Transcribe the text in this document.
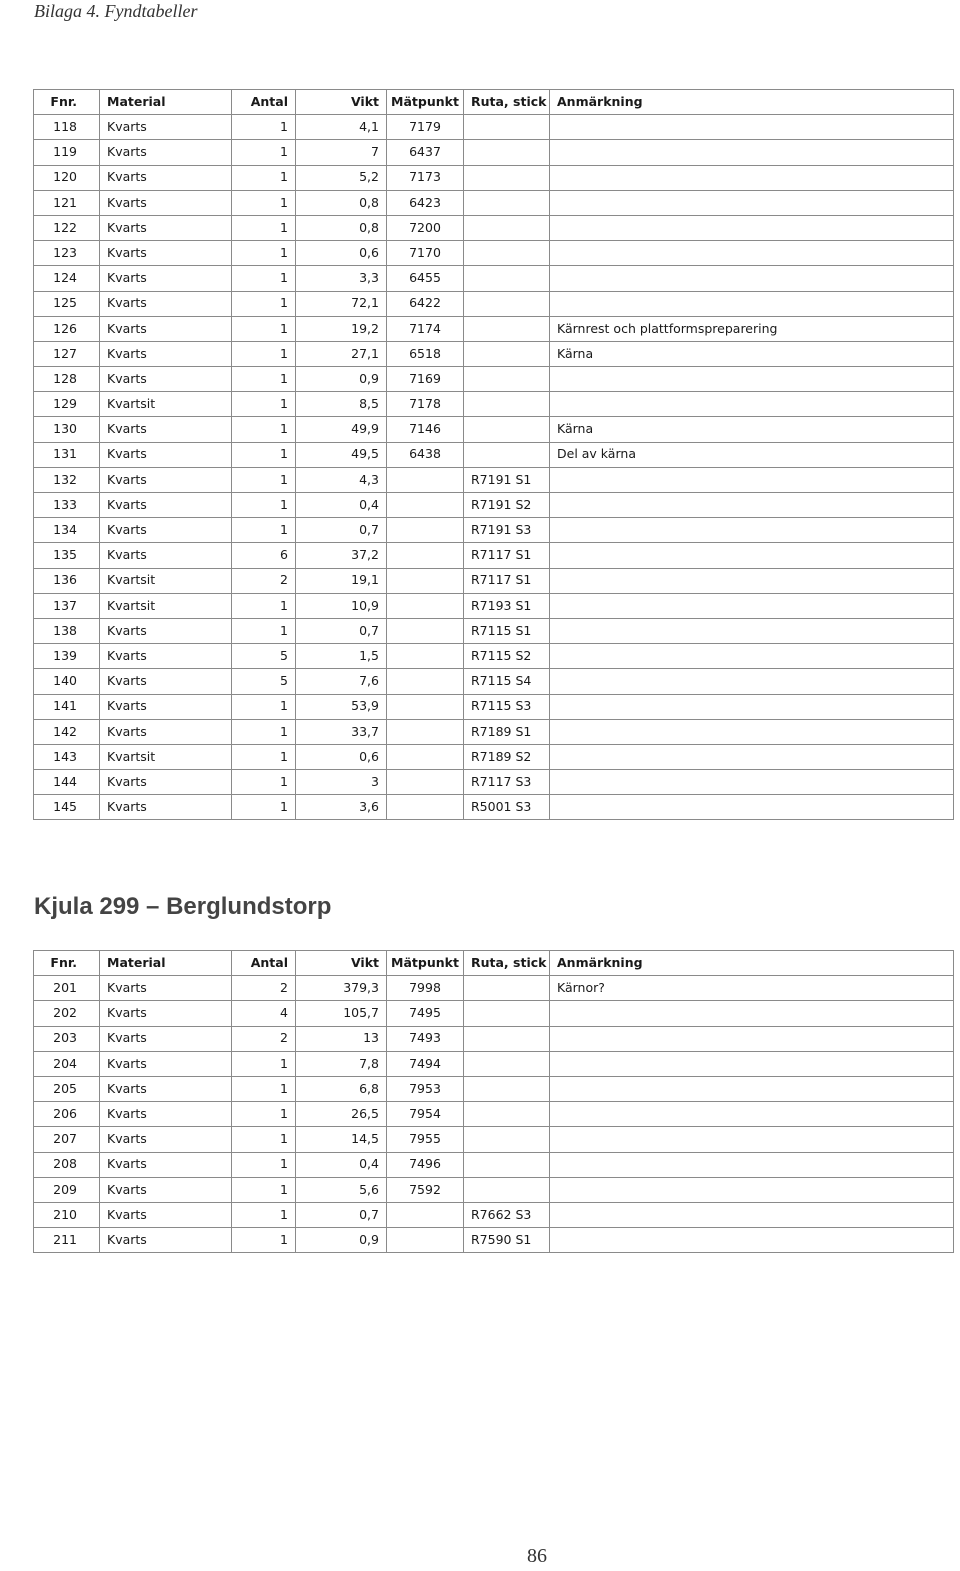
Bilaga 4. Fyndtabeller
Fnr.	Material	Antal	Vikt	Mätpunkt	Ruta, stick	Anmärkning
118	Kvarts	1	4,1	7179		
119	Kvarts	1	7	6437		
120	Kvarts	1	5,2	7173		
121	Kvarts	1	0,8	6423		
122	Kvarts	1	0,8	7200		
123	Kvarts	1	0,6	7170		
124	Kvarts	1	3,3	6455		
125	Kvarts	1	72,1	6422		
126	Kvarts	1	19,2	7174		Kärnrest och plattformspreparering
127	Kvarts	1	27,1	6518		Kärna
128	Kvarts	1	0,9	7169		
129	Kvartsit	1	8,5	7178		
130	Kvarts	1	49,9	7146		Kärna
131	Kvarts	1	49,5	6438		Del av kärna
132	Kvarts	1	4,3		R7191 S1	
133	Kvarts	1	0,4		R7191 S2	
134	Kvarts	1	0,7		R7191 S3	
135	Kvarts	6	37,2		R7117 S1	
136	Kvartsit	2	19,1		R7117 S1	
137	Kvartsit	1	10,9		R7193 S1	
138	Kvarts	1	0,7		R7115 S1	
139	Kvarts	5	1,5		R7115 S2	
140	Kvarts	5	7,6		R7115 S4	
141	Kvarts	1	53,9		R7115 S3	
142	Kvarts	1	33,7		R7189 S1	
143	Kvartsit	1	0,6		R7189 S2	
144	Kvarts	1	3		R7117 S3	
145	Kvarts	1	3,6		R5001 S3	
Kjula 299 – Berglundstorp
Fnr.	Material	Antal	Vikt	Mätpunkt	Ruta, stick	Anmärkning
201	Kvarts	2	379,3	7998		Kärnor?
202	Kvarts	4	105,7	7495		
203	Kvarts	2	13	7493		
204	Kvarts	1	7,8	7494		
205	Kvarts	1	6,8	7953		
206	Kvarts	1	26,5	7954		
207	Kvarts	1	14,5	7955		
208	Kvarts	1	0,4	7496		
209	Kvarts	1	5,6	7592		
210	Kvarts	1	0,7		R7662 S3	
211	Kvarts	1	0,9		R7590 S1	
86
